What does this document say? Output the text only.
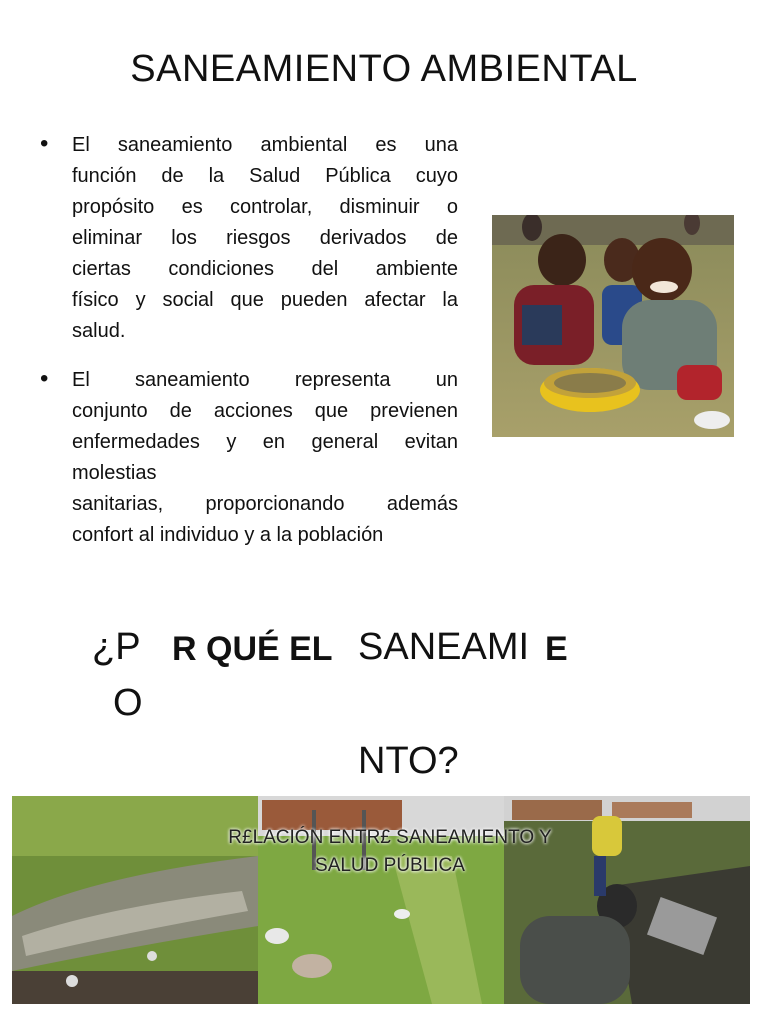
SANEAMIENTO AMBIENTAL
• El saneamiento ambiental es una
función de la Salud Pública cuyo
propósito es controlar, disminuir o
eliminar los riesgos derivados de
ciertas condiciones del ambiente
físico y social que pueden afectar la
salud.
• El saneamiento representa un
conjunto de acciones que previenen
enfermedades y en general evitan
molestias
sanitarias, proporcionando además
confort al individuo y a la población
¿P
O
R QUÉ EL SANEAMI E
NTO?
R£LACIÓN ENTR£ SANEAMIENTO Y
SALUD PÚBLICA
